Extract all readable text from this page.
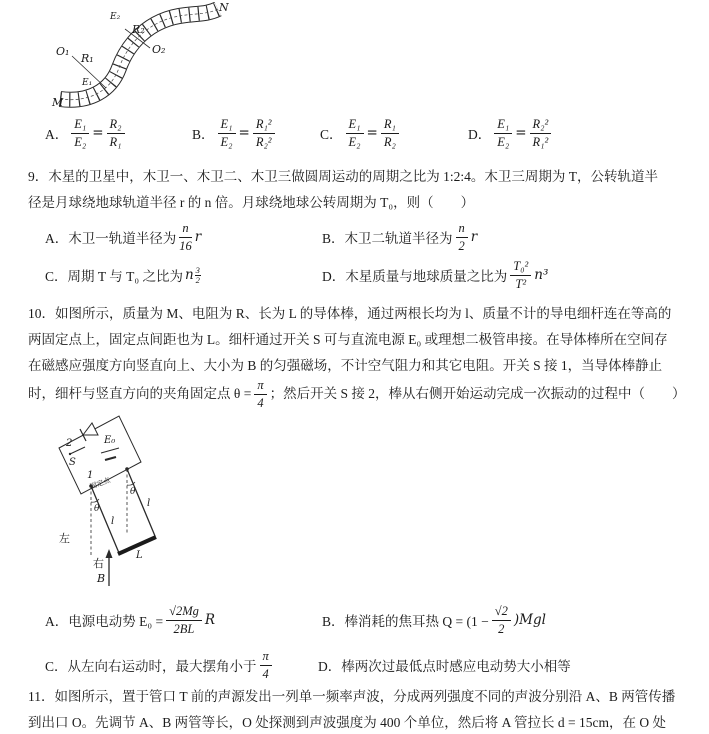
M
N
O₁	O₂
R₁
R₂
E₁
E₂
A． $\frac{\text{E₁}}{\text{E₂}} = \frac{\text{R₂}}{\text{R₁}}$	B． $\frac{\text{E₁}}{\text{E₂}} = \frac{\text{R₁²}}{\text{R₂²}}$	C． $\frac{\text{E₁}}{\text{E₂}} = \frac{\text{R₁}}{\text{R₂}}$	D． $\frac{\text{E₁}}{\text{E₂}} = \frac{\text{R₂²}}{\text{R₁²}}$
9．木星的卫星中，木卫一、木卫二、木卫三做圆周运动的周期之比为 1:2:4。木卫三周期为 T，公转轨道半
径是月球绕地球轨道半径 r 的 n 倍。月球绕地球公转周期为 T₀，则（　　）
A．木卫一轨道半径为 $\frac{n}{16}$ r	B．木卫二轨道半径为 $\frac{n}{2}$ r
C．周期 T 与 T₀ 之比为 n 3
2	D．木星质量与地球质量之比为 $\frac{\text{T₀²}}{\text{T²}} n^3$
10．如图所示，质量为 M、电阻为 R、长为 L 的导体棒，通过两根长均为 l、质量不计的导电细杆连在等高的
两固定点上，固定点间距也为 L。细杆通过开关 S 可与直流电源 E₀ 或理想二极管串接。在导体棒所在空间存
在磁感应强度方向竖直向上、大小为 B 的匀强磁场，不计空气阻力和其它电阻。开关 S 接 1，当导体棒静止
时，细杆与竖直方向的夹角固定点 $\theta = \frac{\pi}{4}$ ；然后开关 S 接 2，棒从右侧开始运动完成一次振动的过程中（　　）
2
S
1
E₀
固定点
θ
θ
l
l
L
左
右
B
A．电源电动势 $E_0 = \frac{√2Mg}{2BL}$ R	B．棒消耗的焦耳热 $Q = (1 - \frac{√2}{2} )Mgl$
C．从左向右运动时，最大摆角小于 $\frac{\pi}{4}$	D．棒两次过最低点时感应电动势大小相等
11．如图所示，置于管口 T 前的声源发出一列单一频率声波，分成两列强度不同的声波分别沿 A、B 两管传播
到出口 O。先调节 A、B 两管等长，O 处探测到声波强度为 400 个单位，然后将 A 管拉长 d = 15cm，在 O 处
